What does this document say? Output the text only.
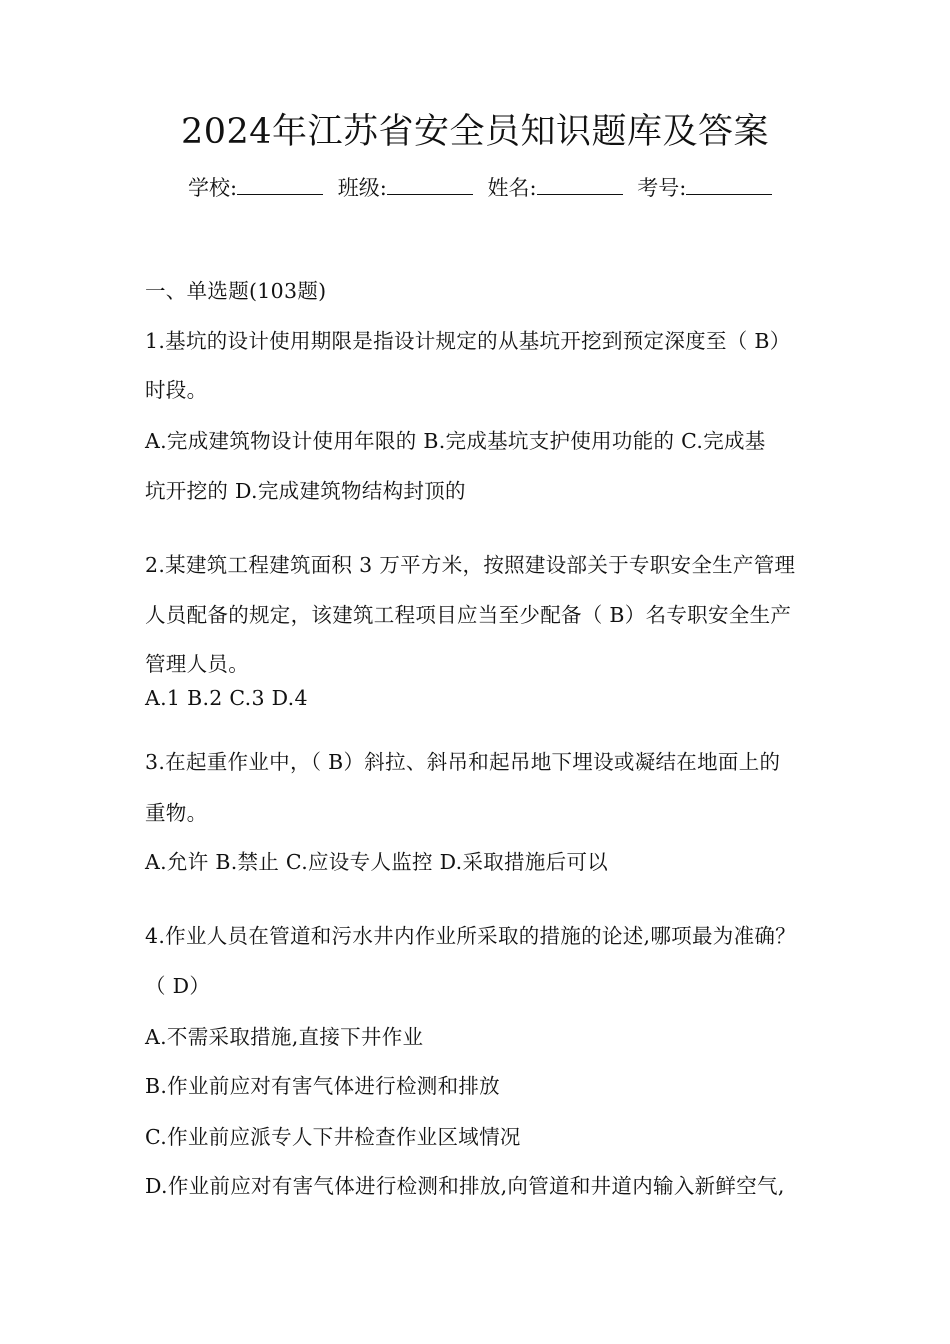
2024年江苏省安全员知识题库及答案
学校:	班级:	姓名:	考号:
一、单选题(103题)
1.基坑的设计使用期限是指设计规定的从基坑开挖到预定深度至（ B）
时段。
A.完成建筑物设计使用年限的 B.完成基坑支护使用功能的 C.完成基
坑开挖的 D.完成建筑物结构封顶的
2.某建筑工程建筑面积 3 万平方米，按照建设部关于专职安全生产管理
人员配备的规定，该建筑工程项目应当至少配备（ B）名专职安全生产
管理人员。
A.1 B.2 C.3 D.4
3.在起重作业中，（ B）斜拉、斜吊和起吊地下埋设或凝结在地面上的
重物。
A.允许 B.禁止 C.应设专人监控 D.采取措施后可以
4.作业人员在管道和污水井内作业所采取的措施的论述,哪项最为准确？
（ D）
A.不需采取措施,直接下井作业
B.作业前应对有害气体进行检测和排放
C.作业前应派专人下井检查作业区域情况
D.作业前应对有害气体进行检测和排放,向管道和井道内输入新鲜空气,
